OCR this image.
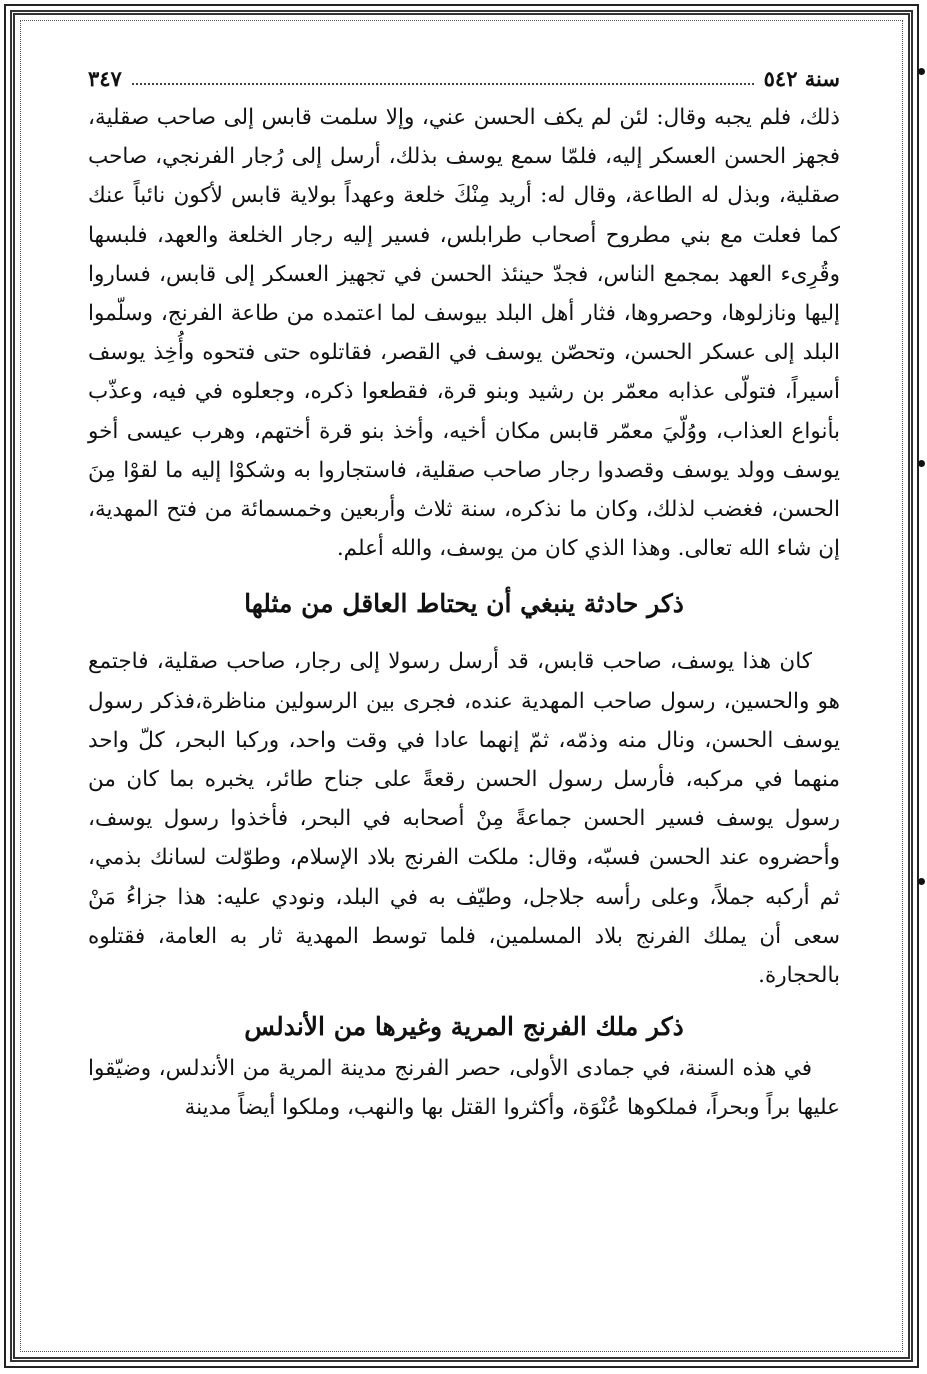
سنة ٥٤٢
٣٤٧

ذلك، فلم يجبه وقال: لئن لم يكف الحسن عني، وإلا سلمت قابس إلى صاحب صقلية، فجهز الحسن العسكر إليه، فلمّا سمع يوسف بذلك، أرسل إلى رُجار الفرنجي، صاحب صقلية، وبذل له الطاعة، وقال له: أريد مِنْكَ خلعة وعهداً بولاية قابس لأكون نائباً عنك كما فعلت مع بني مطروح أصحاب طرابلس، فسير إليه رجار الخلعة والعهد، فلبسها وقُرِىء العهد بمجمع الناس، فجدّ حينئذ الحسن في تجهيز العسكر إلى قابس، فساروا إليها ونازلوها، وحصروها، فثار أهل البلد بيوسف لما اعتمده من طاعة الفرنج، وسلّموا البلد إلى عسكر الحسن، وتحصّن يوسف في القصر، فقاتلوه حتى فتحوه وأُخِذ يوسف أسيراً، فتولّى عذابه معمّر بن رشيد وبنو قرة، فقطعوا ذكره، وجعلوه في فيه، وعذّب بأنواع العذاب، ووُلّيَ معمّر قابس مكان أخيه، وأخذ بنو قرة أختهم، وهرب عيسى أخو يوسف وولد يوسف وقصدوا رجار صاحب صقلية، فاستجاروا به وشكوْا إليه ما لقوْا مِنَ الحسن، فغضب لذلك، وكان ما نذكره، سنة ثلاث وأربعين وخمسمائة من فتح المهدية، إن شاء الله تعالى. وهذا الذي كان من يوسف، والله أعلم.

ذكر حادثة ينبغي أن يحتاط العاقل من مثلها

كان هذا يوسف، صاحب قابس، قد أرسل رسولا إلى رجار، صاحب صقلية، فاجتمع هو والحسين، رسول صاحب المهدية عنده، فجرى بين الرسولين مناظرة،فذكر رسول يوسف الحسن، ونال منه وذمّه، ثمّ إنهما عادا في وقت واحد، وركبا البحر، كلّ واحد منهما في مركبه، فأرسل رسول الحسن رقعةً على جناح طائر، يخبره بما كان من رسول يوسف فسير الحسن جماعةً مِنْ أصحابه في البحر، فأخذوا رسول يوسف، وأحضروه عند الحسن فسبّه، وقال: ملكت الفرنج بلاد الإسلام، وطوّلت لسانك بذمي، ثم أركبه جملاً، وعلى رأسه جلاجل، وطيّف به في البلد، ونودي عليه: هذا جزاءُ مَنْ سعى أن يملك الفرنج بلاد المسلمين، فلما توسط المهدية ثار به العامة، فقتلوه بالحجارة.

ذكر ملك الفرنج المرية وغيرها من الأندلس

في هذه السنة، في جمادى الأولى، حصر الفرنج مدينة المرية من الأندلس، وضيّقوا عليها براً وبحراً، فملكوها عُنْوَة، وأكثروا القتل بها والنهب، وملكوا أيضاً مدينة
